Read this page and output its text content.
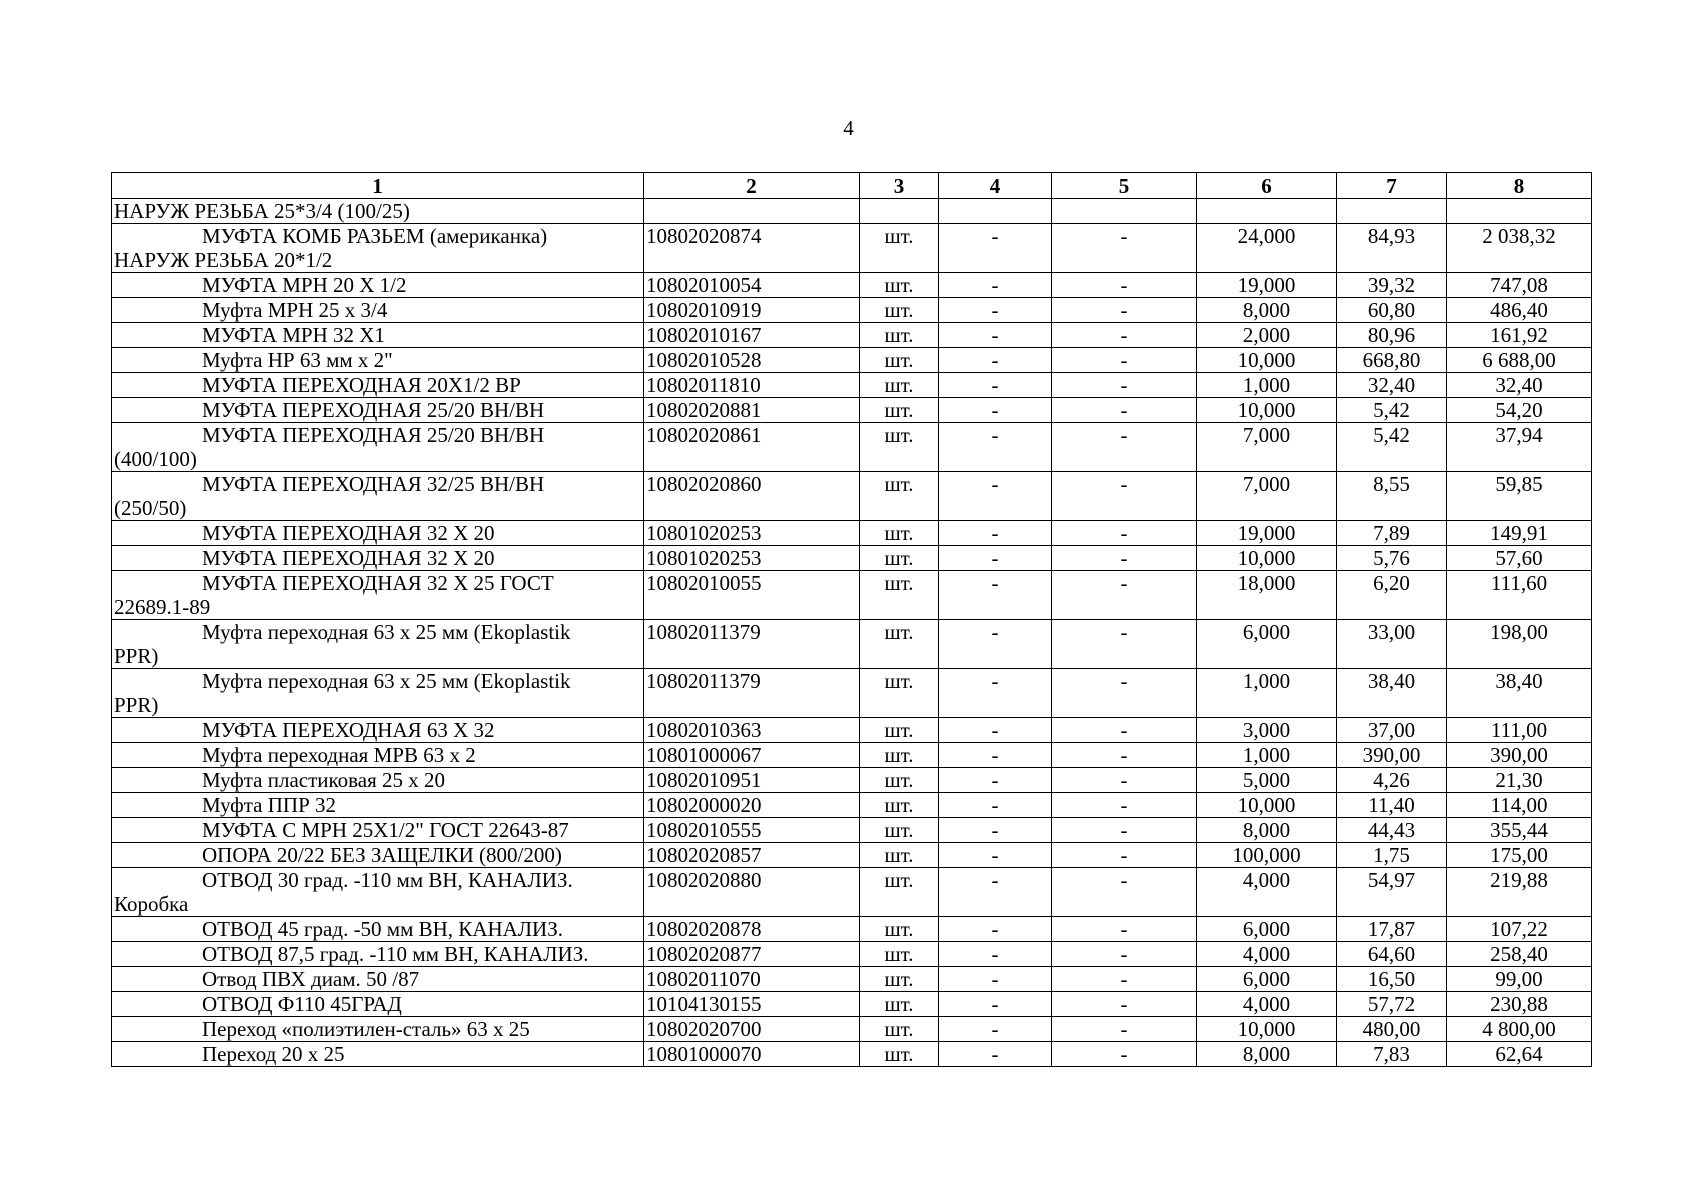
4
1	2	3	4	5	6	7	8

НАРУЖ РЕЗЬБА 25*3/4 (100/25)							

МУФТА КОМБ РАЗЬЕМ (американка)
НАРУЖ РЕЗЬБА 20*1/2	10802020874	шт.	-	-	24,000	84,93	2 038,32

МУФТА МРН 20 Х 1/2	10802010054	шт.	-	-	19,000	39,32	747,08

Муфта МРН 25 х 3/4	10802010919	шт.	-	-	8,000	60,80	486,40

МУФТА МРН 32 Х1	10802010167	шт.	-	-	2,000	80,96	161,92

Муфта НР 63 мм х 2"	10802010528	шт.	-	-	10,000	668,80	6 688,00

МУФТА ПЕРЕХОДНАЯ 20Х1/2 ВР	10802011810	шт.	-	-	1,000	32,40	32,40

МУФТА ПЕРЕХОДНАЯ 25/20 ВН/ВН	10802020881	шт.	-	-	10,000	5,42	54,20

МУФТА ПЕРЕХОДНАЯ 25/20 ВН/ВН
(400/100)	10802020861	шт.	-	-	7,000	5,42	37,94

МУФТА ПЕРЕХОДНАЯ 32/25 ВН/ВН
(250/50)	10802020860	шт.	-	-	7,000	8,55	59,85

МУФТА ПЕРЕХОДНАЯ 32 Х 20	10801020253	шт.	-	-	19,000	7,89	149,91

МУФТА ПЕРЕХОДНАЯ 32 Х 20	10801020253	шт.	-	-	10,000	5,76	57,60

МУФТА ПЕРЕХОДНАЯ 32 Х 25 ГОСТ
22689.1-89	10802010055	шт.	-	-	18,000	6,20	111,60

Муфта переходная 63 х 25 мм (Ekoplastik
PPR)	10802011379	шт.	-	-	6,000	33,00	198,00

Муфта переходная 63 х 25 мм (Ekoplastik
PPR)	10802011379	шт.	-	-	1,000	38,40	38,40

МУФТА ПЕРЕХОДНАЯ 63 Х 32	10802010363	шт.	-	-	3,000	37,00	111,00

Муфта переходная МРВ 63 х 2	10801000067	шт.	-	-	1,000	390,00	390,00

Муфта пластиковая 25 х 20	10802010951	шт.	-	-	5,000	4,26	21,30

Муфта ППР 32	10802000020	шт.	-	-	10,000	11,40	114,00

МУФТА С МРН 25Х1/2" ГОСТ 22643-87	10802010555	шт.	-	-	8,000	44,43	355,44

ОПОРА 20/22 БЕЗ ЗАЩЕЛКИ (800/200)	10802020857	шт.	-	-	100,000	1,75	175,00

ОТВОД 30 град. -110 мм ВН, КАНАЛИЗ.
Коробка	10802020880	шт.	-	-	4,000	54,97	219,88

ОТВОД 45 град. -50 мм ВН, КАНАЛИЗ.	10802020878	шт.	-	-	6,000	17,87	107,22

ОТВОД 87,5 град. -110 мм ВН, КАНАЛИЗ.	10802020877	шт.	-	-	4,000	64,60	258,40

Отвод ПВХ диам. 50 /87	10802011070	шт.	-	-	6,000	16,50	99,00

ОТВОД Ф110 45ГРАД	10104130155	шт.	-	-	4,000	57,72	230,88

Переход «полиэтилен-сталь» 63 х 25	10802020700	шт.	-	-	10,000	480,00	4 800,00

Переход 20 х 25	10801000070	шт.	-	-	8,000	7,83	62,64
